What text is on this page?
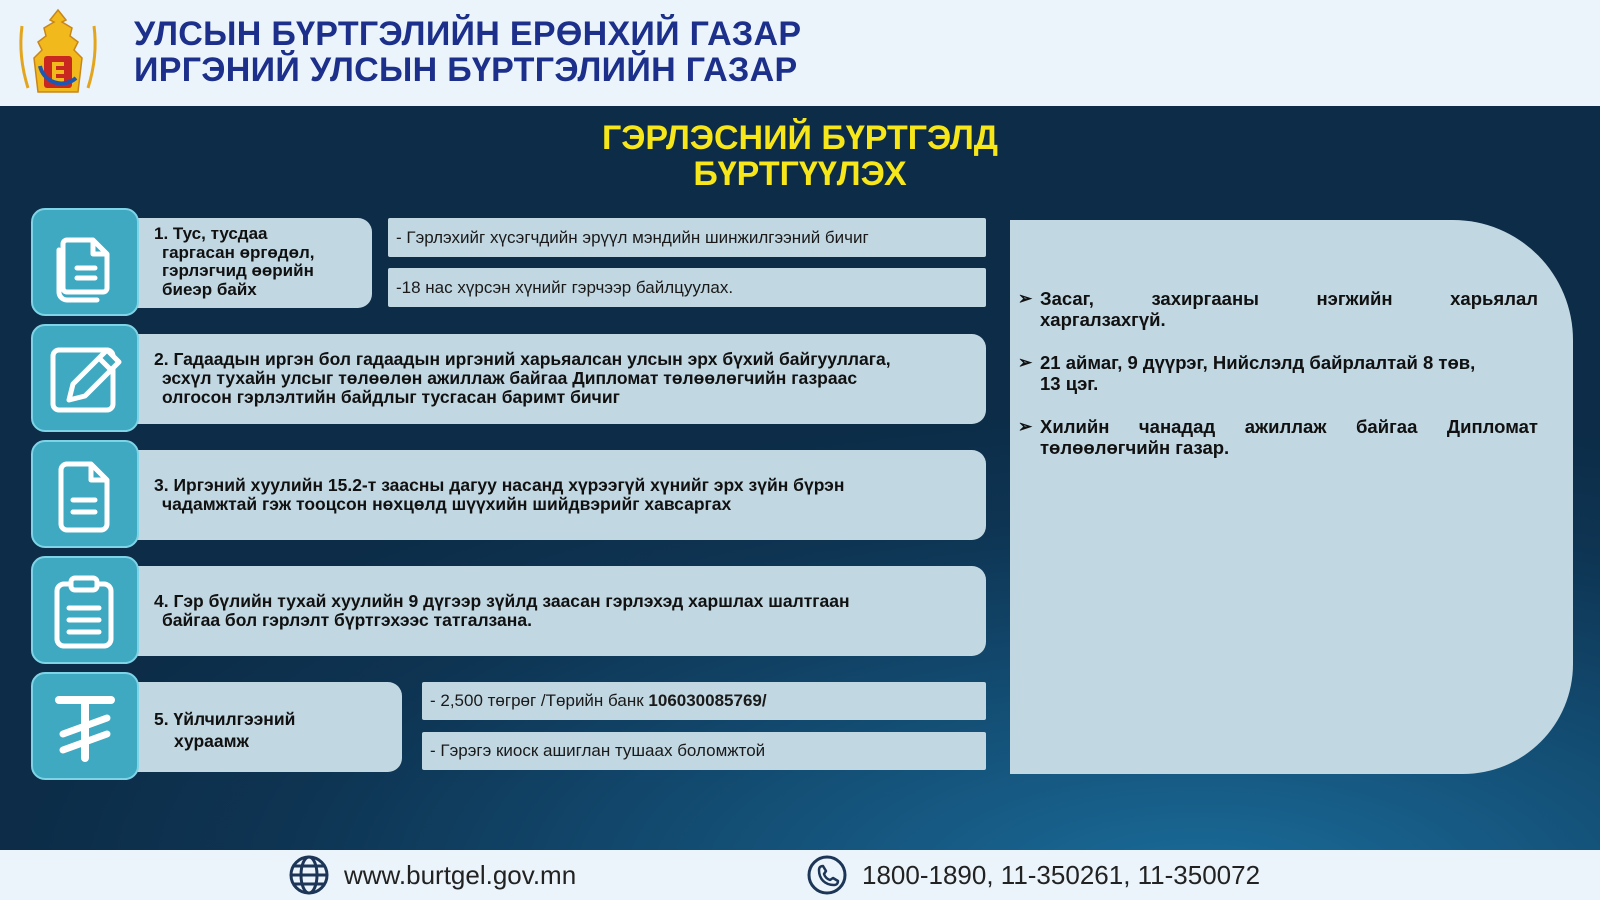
УЛСЫН БҮРТГЭЛИЙН ЕРӨНХИЙ ГАЗАР
ИРГЭНИЙ УЛСЫН БҮРТГЭЛИЙН ГАЗАР
ГЭРЛЭСНИЙ БҮРТГЭЛД
БҮРТГҮҮЛЭХ
1. Тус, тусдаа
гаргасан өргөдөл,
гэрлэгчид өөрийн
биеэр байх
- Гэрлэхийг хүсэгчдийн эрүүл мэндийн шинжилгээний бичиг
-18 нас хүрсэн хүнийг гэрчээр байлцуулах.
2. Гадаадын иргэн бол гадаадын иргэний харьяалсан улсын эрх бүхий байгууллага,
эсхүл тухайн улсыг төлөөлөн ажиллаж байгаа Дипломат төлөөлөгчийн газраас
олгосон гэрлэлтийн байдлыг тусгасан баримт бичиг
3. Иргэний хуулийн 15.2-т заасны дагуу насанд хүрээгүй хүнийг эрх зүйн бүрэн
чадамжтай гэж тооцсон нөхцөлд шүүхийн шийдвэрийг хавсаргах
4. Гэр бүлийн тухай хуулийн 9 дүгээр зүйлд заасан гэрлэхэд харшлах шалтгаан
байгаа бол гэрлэлт бүртгэхээс татгалзана.
5. Үйлчилгээний
хураамж
- 2,500 төгрөг /Төрийн банк 106030085769/
- Гэрэгэ киоск ашиглан тушаах боломжтой
➢ Засаг, захиргааны нэгжийн харьялал
харгалзахгүй.
➢ 21 аймаг, 9 дүүрэг, Нийслэлд байрлалтай 8 төв,
13 цэг.
➢ Хилийн чанадад ажиллаж байгаа Дипломат
төлөөлөгчийн газар.
www.burtgel.gov.mn	1800-1890, 11-350261, 11-350072
